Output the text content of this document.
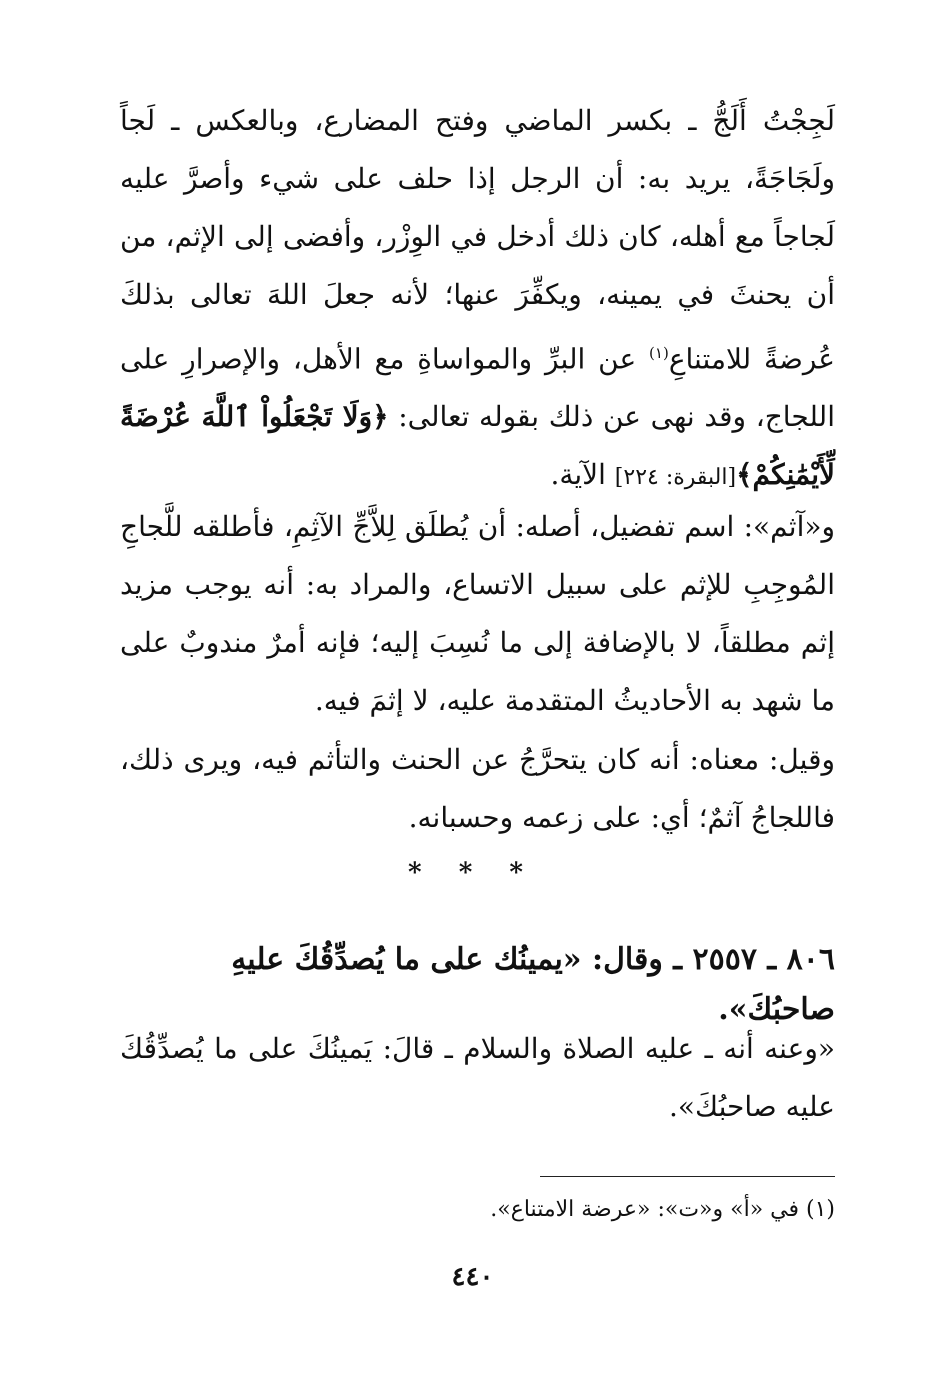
لَجِجْتُ أَلَجُّ ـ بكسر الماضي وفتح المضارع، وبالعكس ـ لَجاً ولَجَاجَةً، يريد به: أن الرجل إذا حلف على شيء وأصرَّ عليه لَجاجاً مع أهله، كان ذلك أدخل في الوِزْر، وأفضى إلى الإثم، من أن يحنثَ في يمينه، ويكفِّرَ عنها؛ لأنه جعلَ اللهَ تعالى بذلكَ عُرضةً للامتناعِ$^{(١)}$ عن البرِّ والمواساةِ مع الأهل، والإصرارِ على اللجاج، وقد نهى عن ذلك بقوله تعالى: ﴿وَلَا تَجْعَلُواْ ٱللَّهَ عُرْضَةً لِّأَيْمَٰنِكُمْ﴾[البقرة: ٢٢٤] الآية.
و«آثم»: اسم تفضيل، أصله: أن يُطلَق لِلاَّجِّ الآثِمِ، فأطلقه للَّجاجِ المُوجِبِ للإثم على سبيل الاتساع، والمراد به: أنه يوجب مزيد إثم مطلقاً، لا بالإضافة إلى ما نُسِبَ إليه؛ فإنه أمرٌ مندوبٌ على ما شهد به الأحاديثُ المتقدمة عليه، لا إثمَ فيه.
وقيل: معناه: أنه كان يتحرَّجُ عن الحنث والتأثم فيه، ويرى ذلك، فاللجاجُ آثمٌ؛ أي: على زعمه وحسبانه.
* * *
٨٠٦ ـ ٢٥٥٧ ـ وقال: «يمينُك على ما يُصدِّقُكَ عليهِ صاحبُكَ».
«وعنه أنه ـ عليه الصلاة والسلام ـ قالَ: يَمينُكَ على ما يُصدِّقُكَ عليه صاحبُكَ».
(١) في «أ» و«ت»: «عرضة الامتناع».
٤٤٠
